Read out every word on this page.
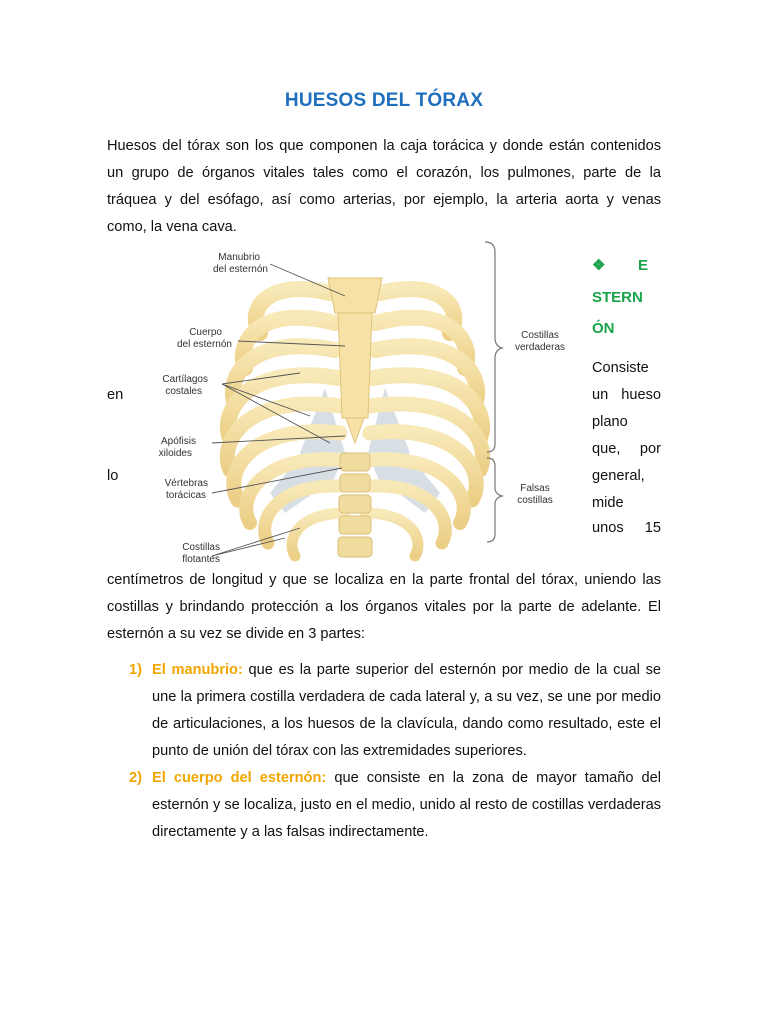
HUESOS DEL TÓRAX
Huesos del tórax son los que componen la caja torácica y donde están contenidos
un grupo de órganos vitales tales como el corazón, los pulmones, parte de la
tráquea y del esófago, así como arterias, por ejemplo, la arteria aorta y venas
como, la vena cava.
Manubrio del esternón
Cuerpo del esternón
Cartílagos costales
Apófisis xiloides
Vértebras torácicas
Costillas flotantes
Costillas verdaderas
Falsas costillas
❖ E
STERN
ÓN
Consiste
un hueso
plano
que, por
general,
mide
unos 15
en
lo
centímetros de longitud y que se localiza en la parte frontal del tórax, uniendo las
costillas y brindando protección a los órganos vitales por la parte de adelante. El
esternón a su vez se divide en 3 partes:
1) El manubrio: que es la parte superior del esternón por medio de la cual se une la primera costilla verdadera de cada lateral y, a su vez, se une por medio de articulaciones, a los huesos de la clavícula, dando como resultado, este el punto de unión del tórax con las extremidades superiores.
2) El cuerpo del esternón: que consiste en la zona de mayor tamaño del esternón y se localiza, justo en el medio, unido al resto de costillas verdaderas directamente y a las falsas indirectamente.
